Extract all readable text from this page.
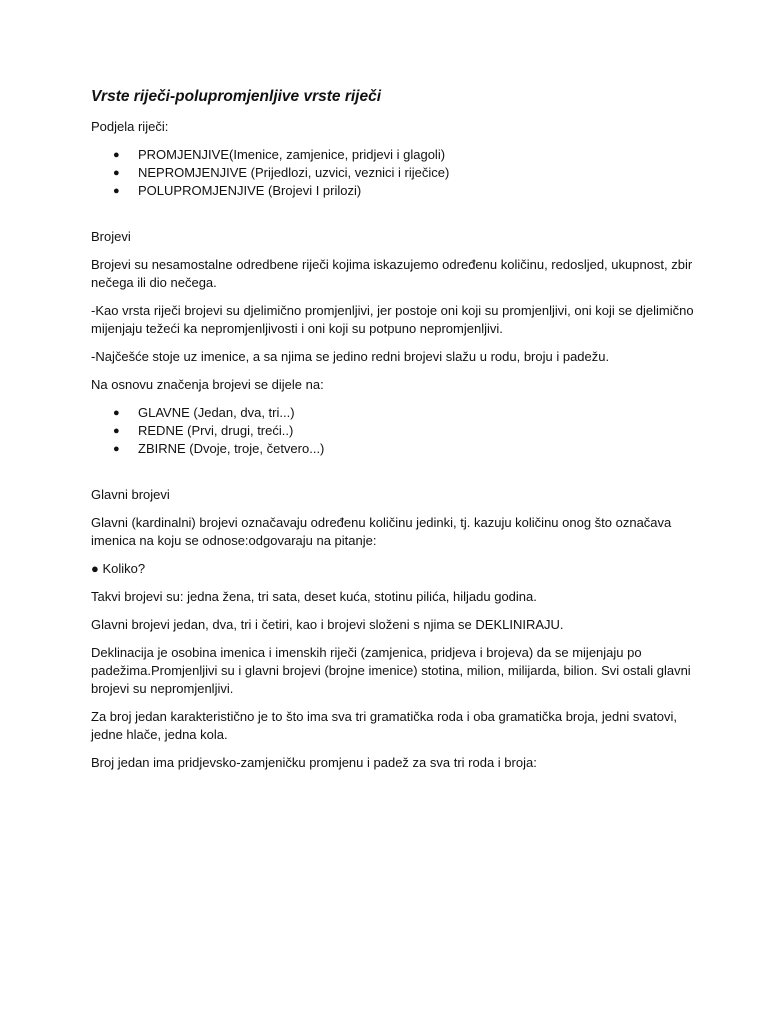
Vrste riječi-polupromjenljive vrste riječi

Podjela riječi:

● PROMJENJIVE(Imenice, zamjenice, pridjevi i glagoli)
● NEPROMJENJIVE (Prijedlozi, uzvici, veznici i riječice)
● POLUPROMJENJIVE (Brojevi I prilozi)

Brojevi

Brojevi su nesamostalne odredbene riječi kojima iskazujemo određenu količinu, redosljed, ukupnost, zbir nečega ili dio nečega.

-Kao vrsta riječi brojevi su djelimično promjenljivi, jer postoje oni koji su promjenljivi, oni koji se djelimično mijenjaju težeći ka nepromjenljivosti i oni koji su potpuno nepromjenljivi.

-Najčešće stoje uz imenice, a sa njima se jedino redni brojevi slažu u rodu, broju i padežu.

Na osnovu značenja brojevi se dijele na:

● GLAVNE (Jedan, dva, tri...)
● REDNE (Prvi, drugi, treći..)
● ZBIRNE (Dvoje, troje, četvero...)

Glavni brojevi

Glavni (kardinalni) brojevi označavaju određenu količinu jedinki, tj. kazuju količinu onog što označava imenica na koju se odnose:odgovaraju na pitanje:

● Koliko?

Takvi brojevi su: jedna žena, tri sata, deset kuća, stotinu pilića, hiljadu godina.

Glavni brojevi jedan, dva, tri i četiri, kao i brojevi složeni s njima se DEKLINIRAJU.

Deklinacija je osobina imenica i imenskih riječi (zamjenica, pridjeva i brojeva) da se mijenjaju po padežima.Promjenljivi su i glavni brojevi (brojne imenice) stotina, milion, milijarda, bilion. Svi ostali glavni brojevi su nepromjenljivi.

Za broj jedan karakteristično je to što ima sva tri gramatička roda i oba gramatička broja, jedni svatovi, jedne hlače, jedna kola.

Broj jedan ima pridjevsko-zamjeničku promjenu i padež za sva tri roda i broja:
